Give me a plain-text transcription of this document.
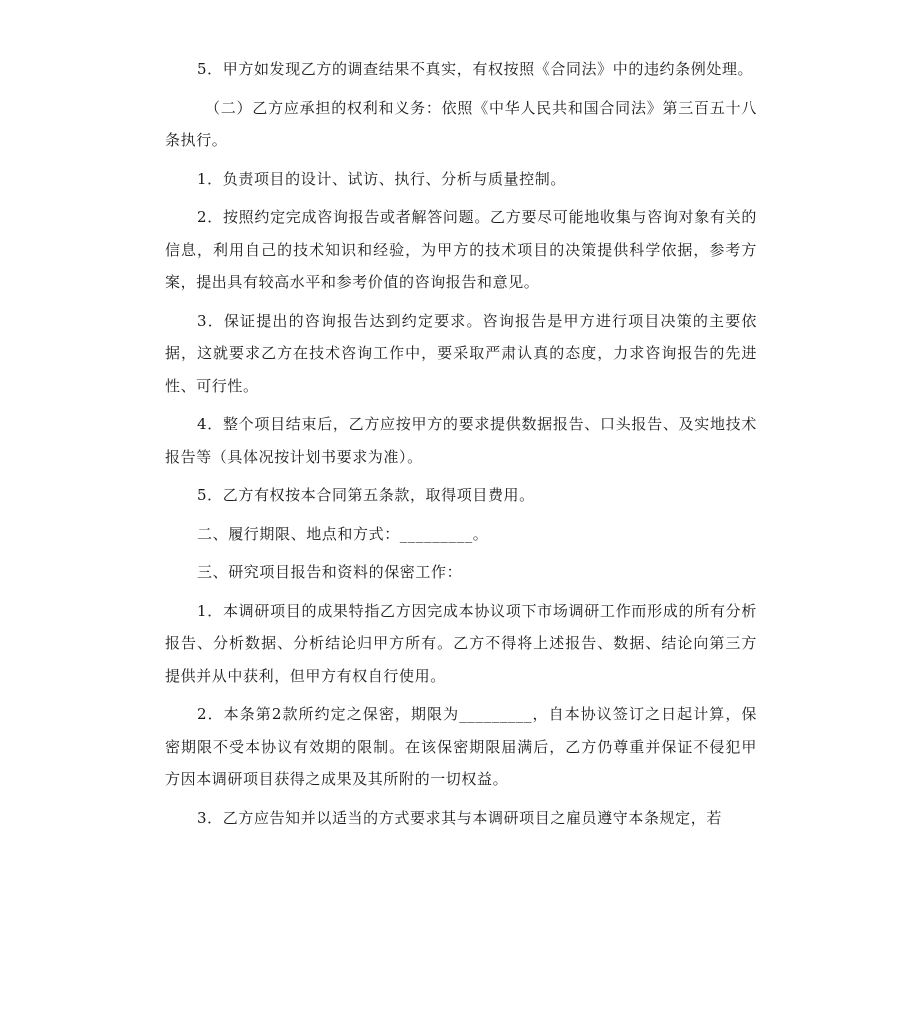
5．甲方如发现乙方的调查结果不真实，有权按照《合同法》中的违约条例处理。

（二）乙方应承担的权利和义务：依照《中华人民共和国合同法》第三百五十八条执行。

1．负责项目的设计、试访、执行、分析与质量控制。

2．按照约定完成咨询报告或者解答问题。乙方要尽可能地收集与咨询对象有关的信息，利用自己的技术知识和经验，为甲方的技术项目的决策提供科学依据，参考方案，提出具有较高水平和参考价值的咨询报告和意见。

3．保证提出的咨询报告达到约定要求。咨询报告是甲方进行项目决策的主要依据，这就要求乙方在技术咨询工作中，要采取严肃认真的态度，力求咨询报告的先进性、可行性。

4．整个项目结束后，乙方应按甲方的要求提供数据报告、口头报告、及实地技术报告等（具体况按计划书要求为准）。

5．乙方有权按本合同第五条款，取得项目费用。

二、履行期限、地点和方式：_________。

三、研究项目报告和资料的保密工作：

1．本调研项目的成果特指乙方因完成本协议项下市场调研工作而形成的所有分析报告、分析数据、分析结论归甲方所有。乙方不得将上述报告、数据、结论向第三方提供并从中获利，但甲方有权自行使用。

2．本条第2款所约定之保密，期限为_________，自本协议签订之日起计算，保密期限不受本协议有效期的限制。在该保密期限届满后，乙方仍尊重并保证不侵犯甲方因本调研项目获得之成果及其所附的一切权益。

3．乙方应告知并以适当的方式要求其与本调研项目之雇员遵守本条规定，若
